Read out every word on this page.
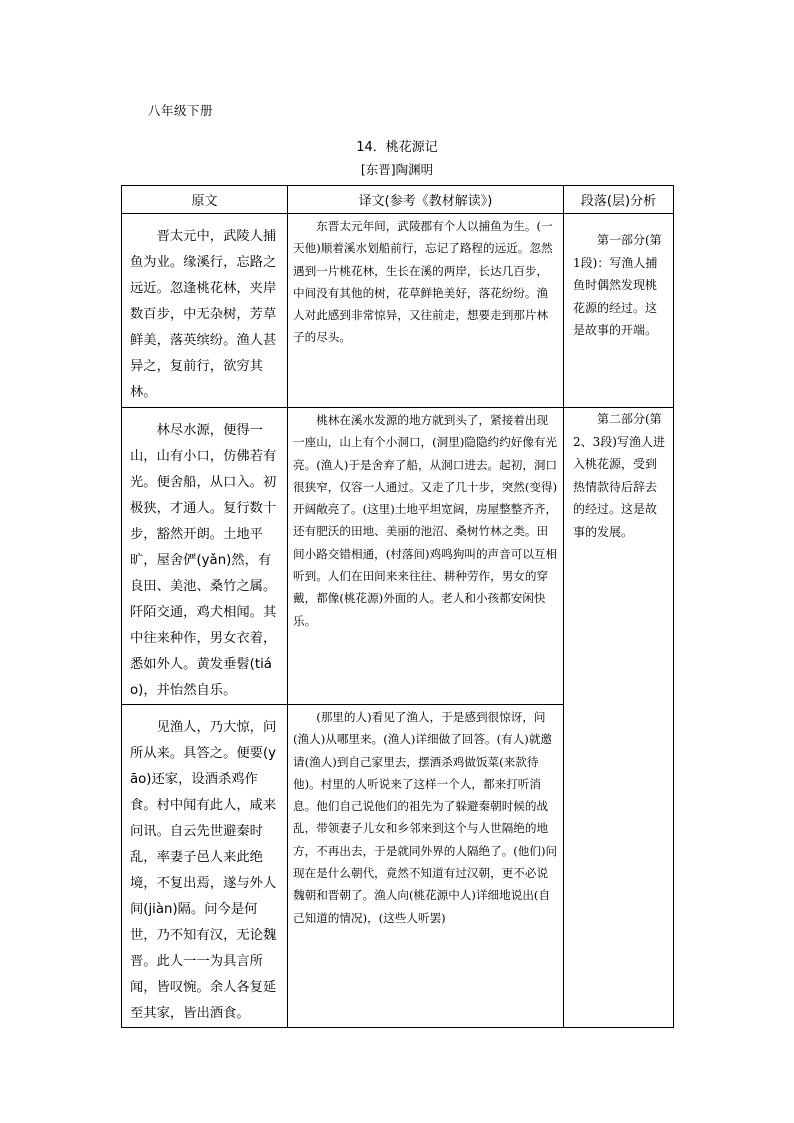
八年级下册
14．桃花源记
[东晋]陶渊明
原文	译文(参考《教材解读》)	段落(层)分析
晋太元中，武陵人捕鱼为业。缘溪行，忘路之远近。忽逢桃花林，夹岸数百步，中无杂树，芳草鲜美，落英缤纷。渔人甚异之，复前行，欲穷其林。	东晋太元年间，武陵郡有个人以捕鱼为生。(一天他)顺着溪水划船前行，忘记了路程的远近。忽然遇到一片桃花林，生长在溪的两岸，长达几百步，中间没有其他的树，花草鲜艳美好，落花纷纷。渔人对此感到非常惊异，又往前走，想要走到那片林子的尽头。	第一部分(第1段)：写渔人捕鱼时偶然发现桃花源的经过。这是故事的开端。
林尽水源，便得一山，山有小口，仿佛若有光。便舍船，从口入。初极狭，才通人。复行数十步，豁然开朗。土地平旷，屋舍俨(yǎn)然，有良田、美池、桑竹之属。阡陌交通，鸡犬相闻。其中往来种作，男女衣着，悉如外人。黄发垂髫(tiáo)，并怡然自乐。	桃林在溪水发源的地方就到头了，紧接着出现一座山，山上有个小洞口，(洞里)隐隐约约好像有光亮。(渔人)于是舍弃了船，从洞口进去。起初，洞口很狭窄，仅容一人通过。又走了几十步，突然(变得)开阔敞亮了。(这里)土地平坦宽阔，房屋整整齐齐，还有肥沃的田地、美丽的池沼、桑树竹林之类。田间小路交错相通，(村落间)鸡鸣狗叫的声音可以互相听到。人们在田间来来往往、耕种劳作，男女的穿戴，都像(桃花源)外面的人。老人和小孩都安闲快乐。	第二部分(第2、3段)写渔人进入桃花源，受到热情款待后辞去的经过。这是故事的发展。
见渔人，乃大惊，问所从来。具答之。便要(yāo)还家，设酒杀鸡作食。村中闻有此人，咸来问讯。自云先世避秦时乱，率妻子邑人来此绝境，不复出焉，遂与外人间(jiàn)隔。问今是何世，乃不知有汉，无论魏晋。此人一一为具言所闻，皆叹惋。余人各复延至其家，皆出酒食。	(那里的人)看见了渔人，于是感到很惊讶，问(渔人)从哪里来。(渔人)详细做了回答。(有人)就邀请(渔人)到自己家里去，摆酒杀鸡做饭菜(来款待他)。村里的人听说来了这样一个人，都来打听消息。他们自己说他们的祖先为了躲避秦朝时候的战乱，带领妻子儿女和乡邻来到这个与人世隔绝的地方，不再出去，于是就同外界的人隔绝了。(他们)问现在是什么朝代，竟然不知道有过汉朝，更不必说魏朝和晋朝了。渔人向(桃花源中人)详细地说出(自己知道的情况)，(这些人听罢)	
